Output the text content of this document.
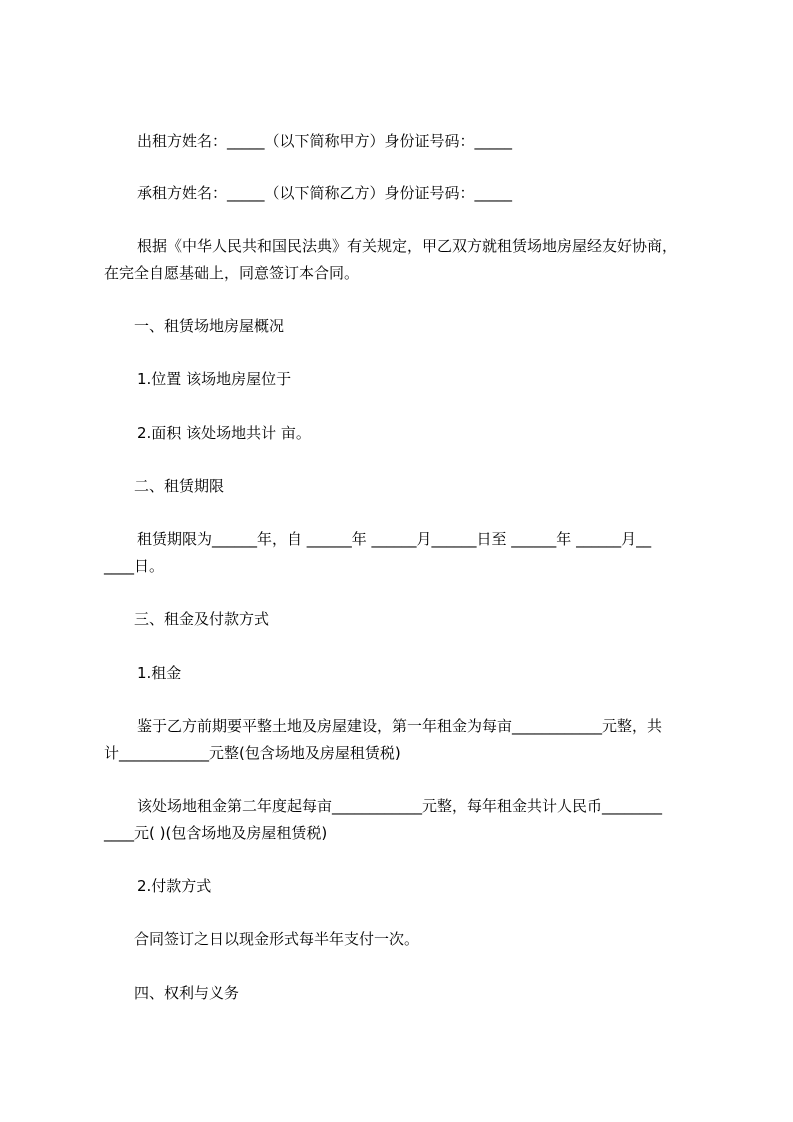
出租方姓名：_____（以下简称甲方）身份证号码：_____
承租方姓名：_____（以下简称乙方）身份证号码：_____
根据《中华人民共和国民法典》有关规定，甲乙双方就租赁场地房屋经友好协商，
在完全自愿基础上，同意签订本合同。
一、租赁场地房屋概况
1.位置 该场地房屋位于
2.面积 该处场地共计 亩。
二、租赁期限
租赁期限为______年，自 ______年 ______月______日至 ______年 ______月__
____日。
三、租金及付款方式
1.租金
鉴于乙方前期要平整土地及房屋建设，第一年租金为每亩____________元整，共
计____________元整(包含场地及房屋租赁税)
该处场地租金第二年度起每亩____________元整，每年租金共计人民币________
____元( )(包含场地及房屋租赁税)
2.付款方式
合同签订之日以现金形式每半年支付一次。
四、权利与义务
